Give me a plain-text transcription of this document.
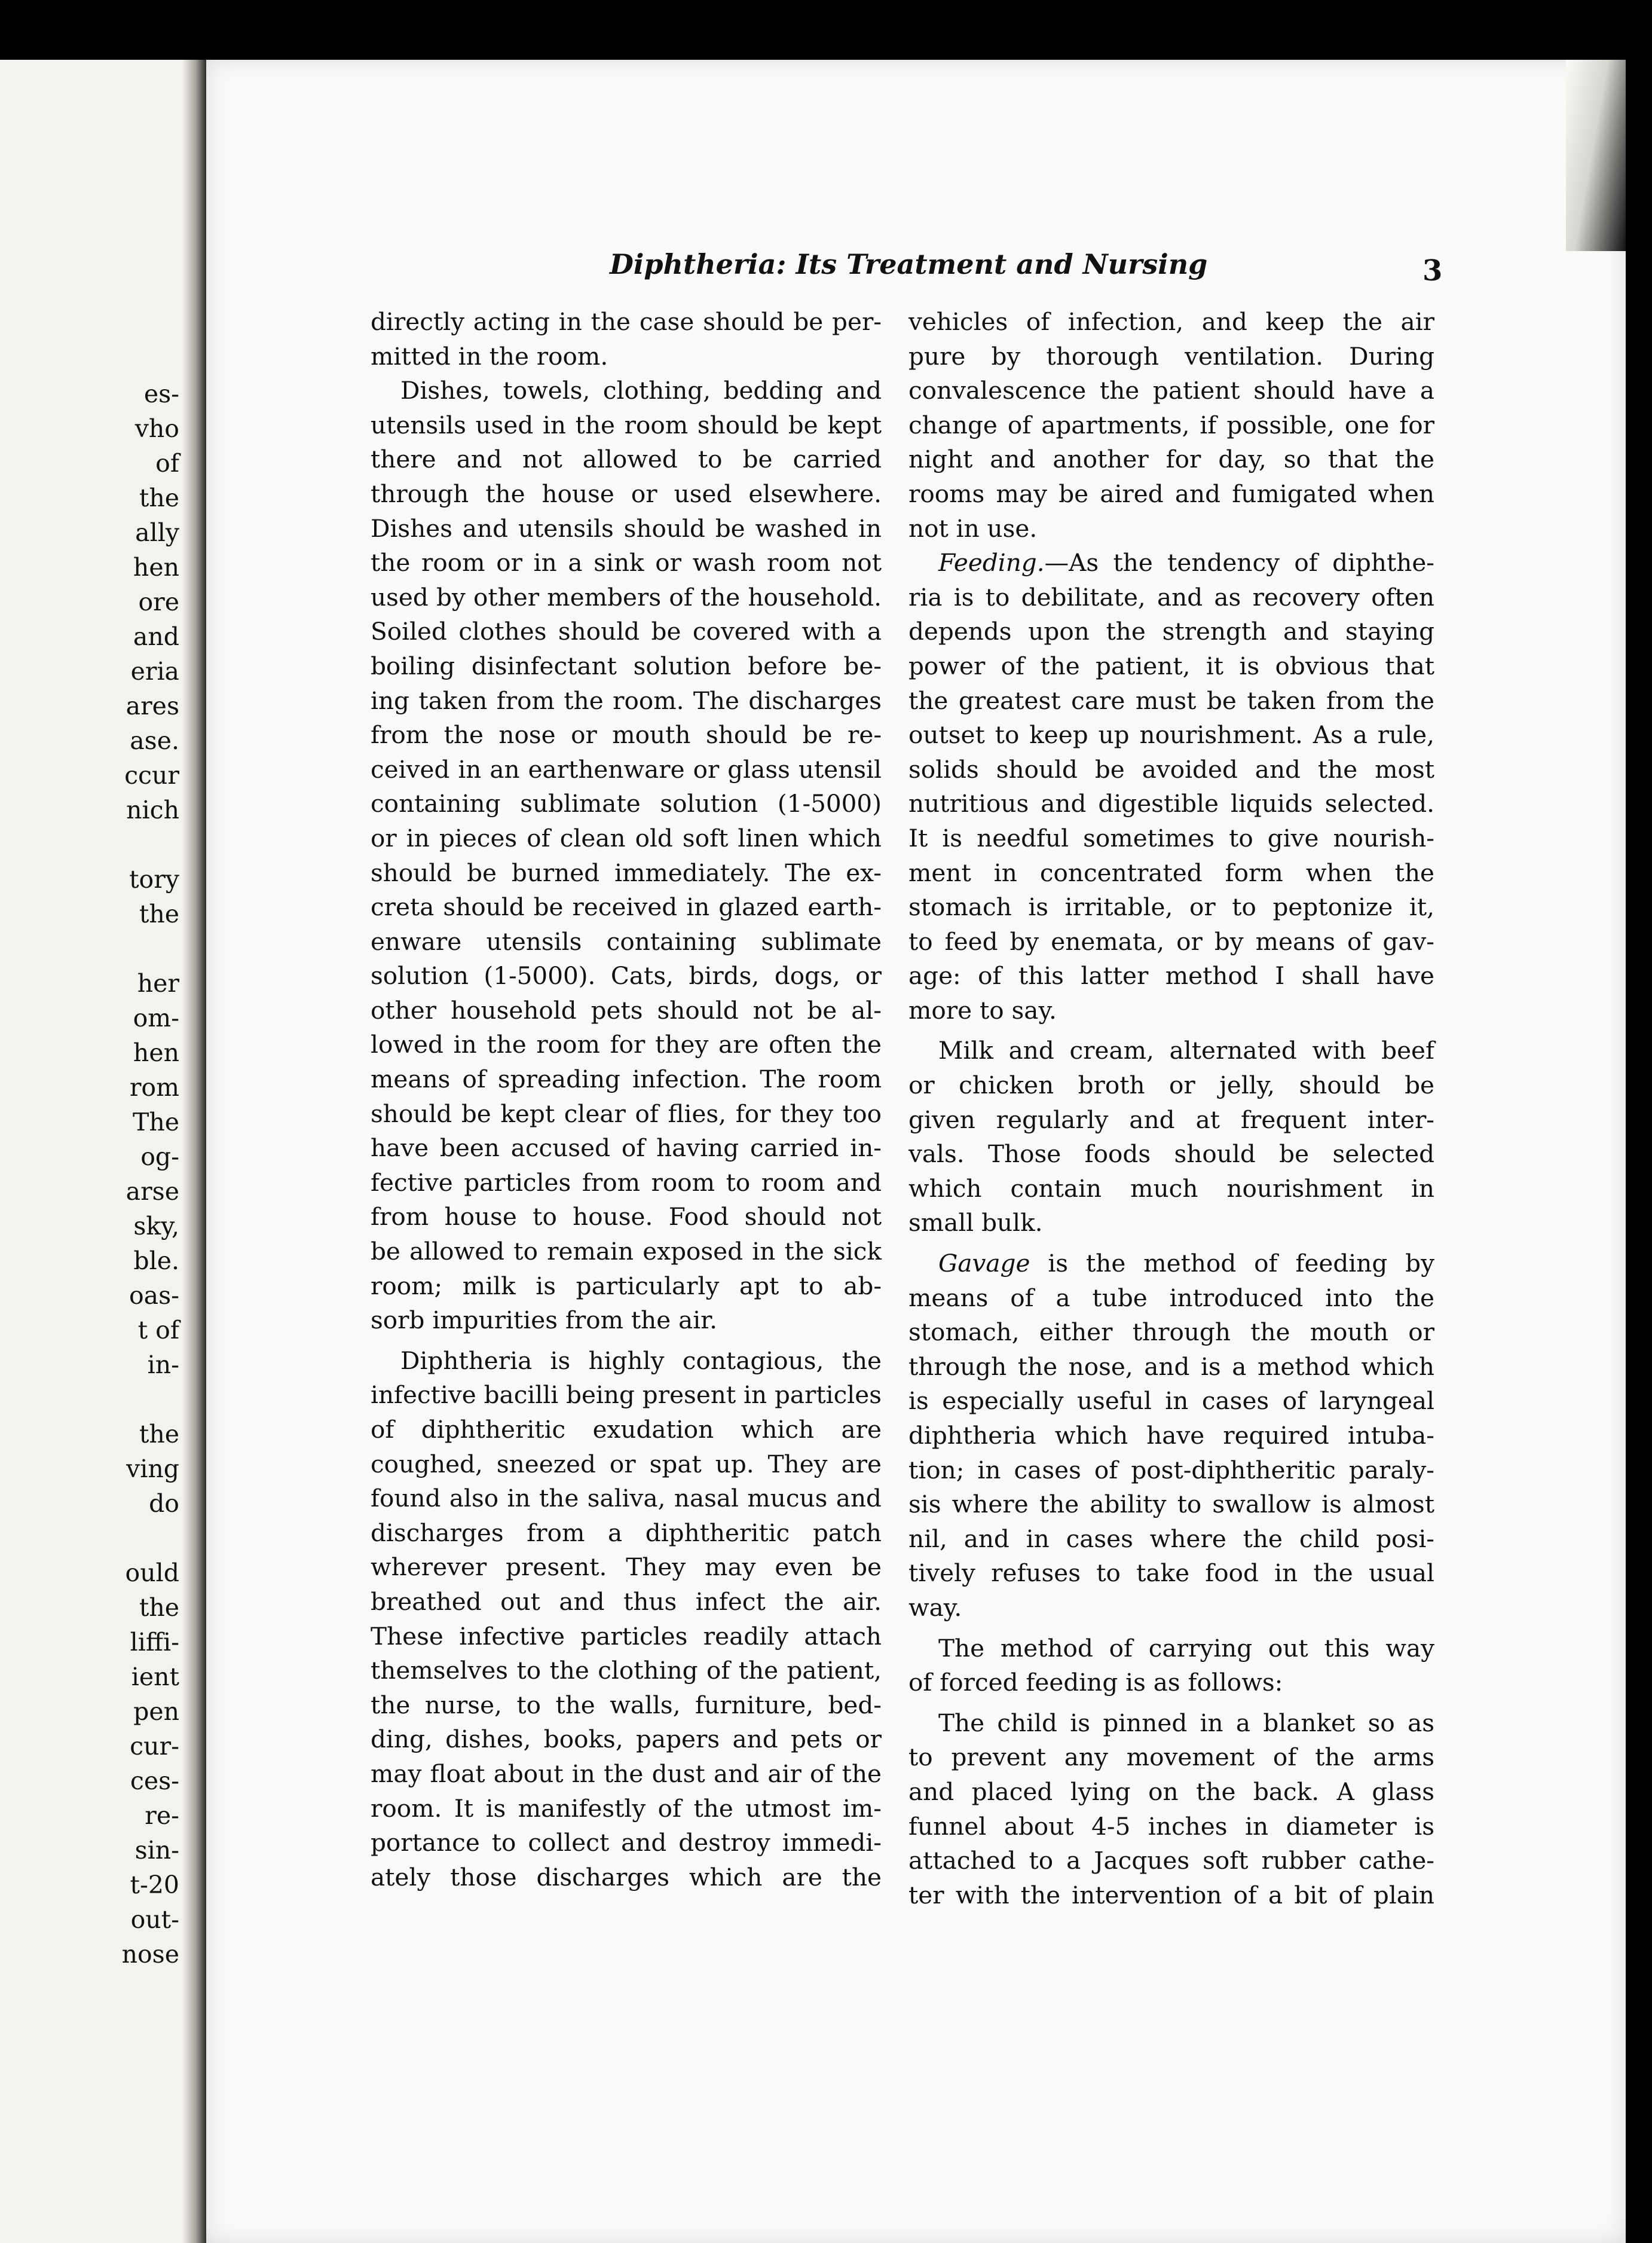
es-
vho
of
the
ally
hen
ore
and
eria
ares
ase.
ccur
nich
tory
the
her
om-
hen
rom
The
og-
arse
sky,
ble.
oas-
t of
in-
the
ving
do
ould
the
liffi-
ient
pen
cur-
ces-
re-
sin-
t-20
out-
nose
Diphtheria: Its Treatment and Nursing	3
directly acting in the case should be per-
mitted in the room.
Dishes, towels, clothing, bedding and
utensils used in the room should be kept
there and not allowed to be carried
through the house or used elsewhere.
Dishes and utensils should be washed in
the room or in a sink or wash room not
used by other members of the household.
Soiled clothes should be covered with a
boiling disinfectant solution before be-
ing taken from the room. The discharges
from the nose or mouth should be re-
ceived in an earthenware or glass utensil
containing sublimate solution (1-5000)
or in pieces of clean old soft linen which
should be burned immediately. The ex-
creta should be received in glazed earth-
enware utensils containing sublimate
solution (1-5000). Cats, birds, dogs, or
other household pets should not be al-
lowed in the room for they are often the
means of spreading infection. The room
should be kept clear of flies, for they too
have been accused of having carried in-
fective particles from room to room and
from house to house. Food should not
be allowed to remain exposed in the sick
room; milk is particularly apt to ab-
sorb impurities from the air.
Diphtheria is highly contagious, the
infective bacilli being present in particles
of diphtheritic exudation which are
coughed, sneezed or spat up. They are
found also in the saliva, nasal mucus and
discharges from a diphtheritic patch
wherever present. They may even be
breathed out and thus infect the air.
These infective particles readily attach
themselves to the clothing of the patient,
the nurse, to the walls, furniture, bed-
ding, dishes, books, papers and pets or
may float about in the dust and air of the
room. It is manifestly of the utmost im-
portance to collect and destroy immedi-
ately those discharges which are the
vehicles of infection, and keep the air
pure by thorough ventilation. During
convalescence the patient should have a
change of apartments, if possible, one for
night and another for day, so that the
rooms may be aired and fumigated when
not in use.
Feeding.—As the tendency of diphthe-
ria is to debilitate, and as recovery often
depends upon the strength and staying
power of the patient, it is obvious that
the greatest care must be taken from the
outset to keep up nourishment. As a rule,
solids should be avoided and the most
nutritious and digestible liquids selected.
It is needful sometimes to give nourish-
ment in concentrated form when the
stomach is irritable, or to peptonize it,
to feed by enemata, or by means of gav-
age: of this latter method I shall have
more to say.
Milk and cream, alternated with beef
or chicken broth or jelly, should be
given regularly and at frequent inter-
vals. Those foods should be selected
which contain much nourishment in
small bulk.
Gavage is the method of feeding by
means of a tube introduced into the
stomach, either through the mouth or
through the nose, and is a method which
is especially useful in cases of laryngeal
diphtheria which have required intuba-
tion; in cases of post-diphtheritic paraly-
sis where the ability to swallow is almost
nil, and in cases where the child posi-
tively refuses to take food in the usual
way.
The method of carrying out this way
of forced feeding is as follows:
The child is pinned in a blanket so as
to prevent any movement of the arms
and placed lying on the back. A glass
funnel about 4-5 inches in diameter is
attached to a Jacques soft rubber cathe-
ter with the intervention of a bit of plain
